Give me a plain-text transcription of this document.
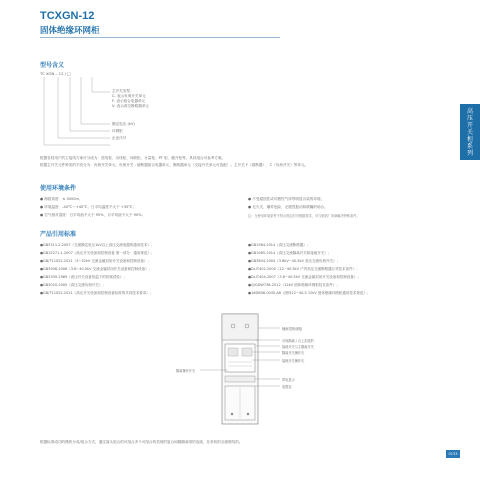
TCXGN-12
固体绝缘环网柜
型号含义
TC XGN – 12 / □
主开关类型：
C- 表示负荷开关单元
F- 表示组合电器单元
V- 表示真空断路器单元
额定电压 (kV)
环网柜
企业代号
根据各档用户的主接线方案可分成为：进线柜、出线柜、母联柜、计量柜、PT 柜、避开柜等。具体组合可参考方案。
根据主开关元件种类的不同分为：负荷开关单元、负荷开关 - 熔断器组合电器单元、断路器单元（交接开关单元可选配）。主开关 F（熔断器）、C（负荷开关）等单元。
使用环境条件
● 海拔高度：≤ 3000m；
● 环境温度：-40℃～+40℃；日平均温度不大于 +35℃；
● 空气相对湿度：日平均值不大于 95%，月平均值不大于 90%；
● 不受腐蚀性或可燃性气体等明显污染的环境；
● 无火灾、爆炸危险、无剧烈振动和颠簸的场合。
注：当使用环境条件不符合规定时可根据需求，可与制造厂协商解决特殊条件。
产品引用标准
●GB3311.2-2007《交流额定电压1kV以上高压交流电器的通用技术》；
●GB15271.1-2007《高压开关设备和控制设备 第一部分：通用规范》；
●GB/T11022-2011《3~52kV 交流金属封闭开关设备和控制设备》；
●GB3906-2006《3.6~40.5kV 交流金属封闭开关设备和控制设备》；
●GB3309-1989《高压开关设备常温下的机械试验》；
●GB3020-2000《高压交流负荷开关》；
●GB/T11022-2011《高压开关设备和控制设备标准的共同技术要求》；
●GB1984-2014《高压交流断路器》；
●GB1985-2014《高压交流隔离开关和接地开关》；
●GB3804-2004《3.6kV~40.5kV 高压交流负荷开关》；
●DL/T402-2000《12~40.5kV 户内高压交流断路器订货技术条件》；
●DL/T404-2007《3.6~40.5kV 交流金属封闭开关设备和控制设备》；
●Q/GDW738-2012《12kV 固体绝缘环网柜技术条件》；
●16DB06-0045-A6《固体12~40.5 12kV 固体绝缘环网柜通用技术规范》；
辅助控制/面板
可视隔离 / 合上扣进的
接地开关与主隔离开关
隔离开关操作孔
接地开关操作孔
带电显示
电缆室
隔离操作开关
根据标准成功的模块分成/组合方式，通过箭头组合的可组合多个可组合的类别的复合间隙隔离剂的连续，在单机的全面联结的。
高
压
开
关
柜
系
列
0133
